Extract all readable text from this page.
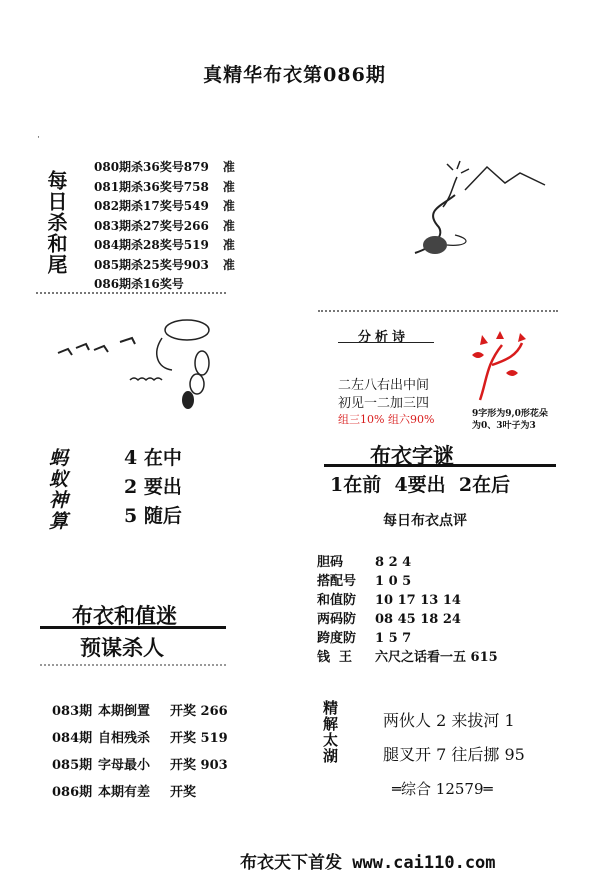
真精华布衣第086期
˙
每日杀和尾
080期杀36奖号879 准
081期杀36奖号758 准
082期杀17奖号549 准
083期杀27奖号266 准
084期杀28奖号519 准
085期杀25奖号903 准
086期杀16奖号
蚂蚁神算	4 在中
2 要出
5 随后
分析诗
二左八右出中间
初见一二加三四
组三10% 组六90%	9字形为9,0形花朵
为0、3叶子为3
布衣字谜
1在前  4要出  2在后
每日布衣点评
胆码 8 2 4
搭配号 1 0 5
和值防 10 17 13 14
两码防 08 45 18 24
跨度防 1 5 7
钱  王 六尺之话看一五 615
布衣和值迷
预谋杀人
083期 本期倒置 开奖 266
084期 自相残杀 开奖 519
085期 字母最小 开奖 903
086期 本期有差 开奖
精解太湖	两伙人 2 来拔河 1
腿叉开 7 往后挪 95
═综合 12579═
布衣天下首发 www.cai110.com
